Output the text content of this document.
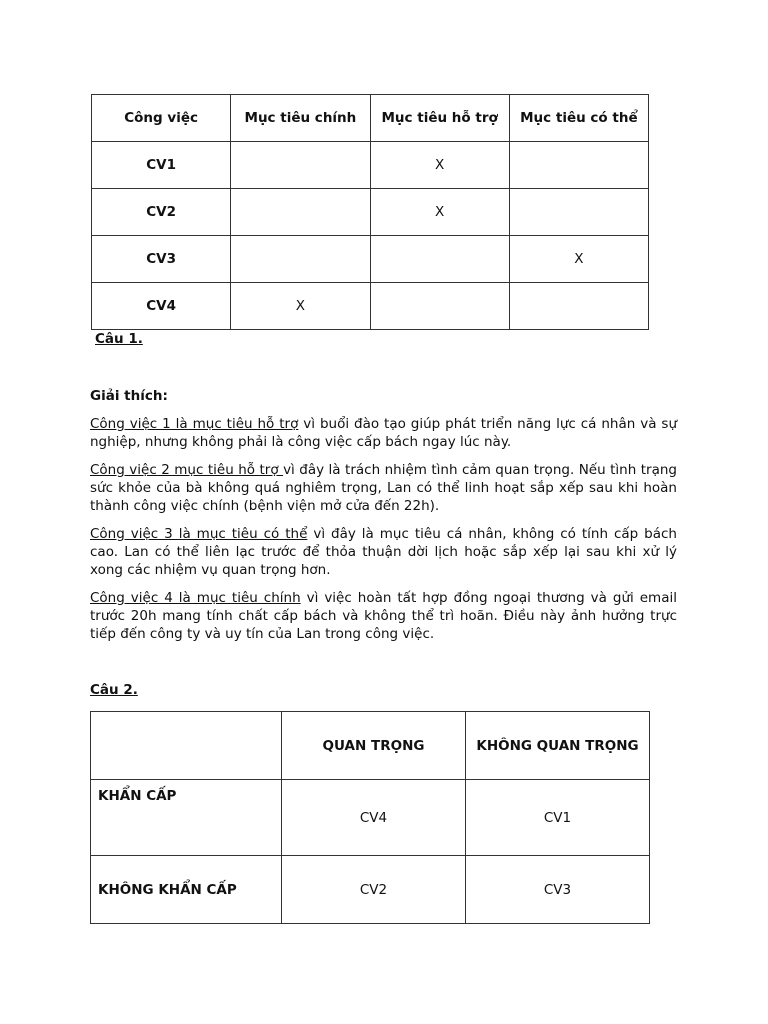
Công việc	Mục tiêu chính	Mục tiêu hỗ trợ	Mục tiêu có thể
CV1		X	
CV2		X	
CV3			X
CV4	X		
Câu 1.
Giải thích:
Công việc 1 là mục tiêu hỗ trợ vì buổi đào tạo giúp phát triển năng lực cá nhân và sự nghiệp, nhưng không phải là công việc cấp bách ngay lúc này.
Công việc 2 mục tiêu hỗ trợ vì đây là trách nhiệm tình cảm quan trọng. Nếu tình trạng sức khỏe của bà không quá nghiêm trọng, Lan có thể linh hoạt sắp xếp sau khi hoàn thành công việc chính (bệnh viện mở cửa đến 22h).
Công việc 3 là mục tiêu có thể vì đây là mục tiêu cá nhân, không có tính cấp bách cao. Lan có thể liên lạc trước để thỏa thuận dời lịch hoặc sắp xếp lại sau khi xử lý xong các nhiệm vụ quan trọng hơn.
Công việc 4 là mục tiêu chính vì việc hoàn tất hợp đồng ngoại thương và gửi email trước 20h mang tính chất cấp bách và không thể trì hoãn. Điều này ảnh hưởng trực tiếp đến công ty và uy tín của Lan trong công việc.
Câu 2.
	QUAN TRỌNG	KHÔNG QUAN TRỌNG
KHẨN CẤP	CV4	CV1
KHÔNG KHẨN CẤP	CV2	CV3
